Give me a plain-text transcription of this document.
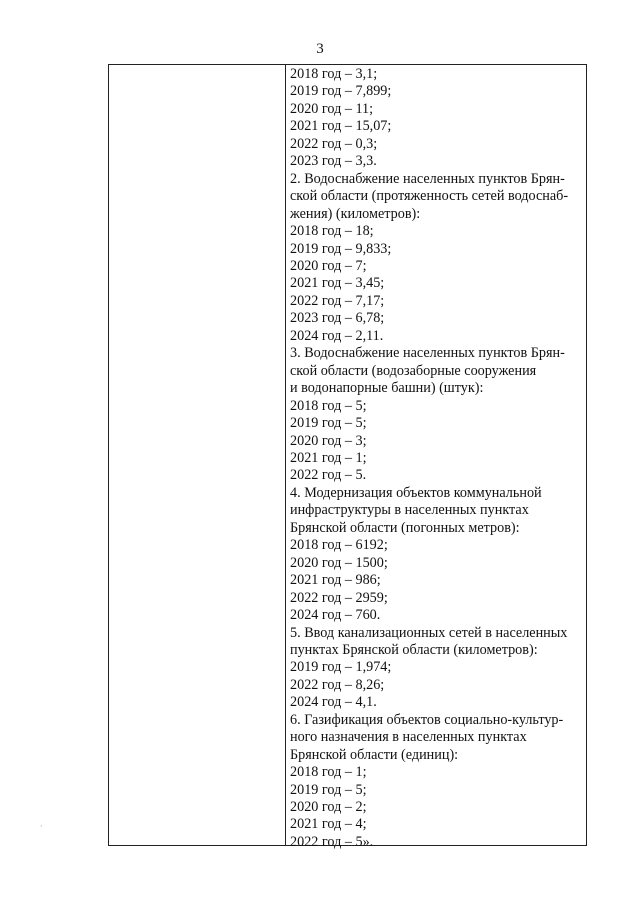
3
2018 год – 3,1;
2019 год – 7,899;
2020 год – 11;
2021 год – 15,07;
2022 год – 0,3;
2023 год – 3,3.
2. Водоснабжение населенных пунктов Брян-
ской области (протяженность сетей водоснаб-
жения) (километров):
2018 год – 18;
2019 год – 9,833;
2020 год – 7;
2021 год – 3,45;
2022 год – 7,17;
2023 год – 6,78;
2024 год – 2,11.
3. Водоснабжение населенных пунктов Брян-
ской области (водозаборные сооружения
и водонапорные башни) (штук):
2018 год – 5;
2019 год – 5;
2020 год – 3;
2021 год – 1;
2022 год – 5.
4. Модернизация объектов коммунальной
инфраструктуры в населенных пунктах
Брянской области (погонных метров):
2018 год – 6192;
2020 год – 1500;
2021 год – 986;
2022 год – 2959;
2024 год – 760.
5. Ввод канализационных сетей в населенных
пунктах Брянской области (километров):
2019 год – 1,974;
2022 год – 8,26;
2024 год – 4,1.
6. Газификация объектов социально-культур-
ного назначения в населенных пунктах
Брянской области (единиц):
2018 год – 1;
2019 год – 5;
2020 год – 2;
2021 год – 4;
2022 год – 5».
·
